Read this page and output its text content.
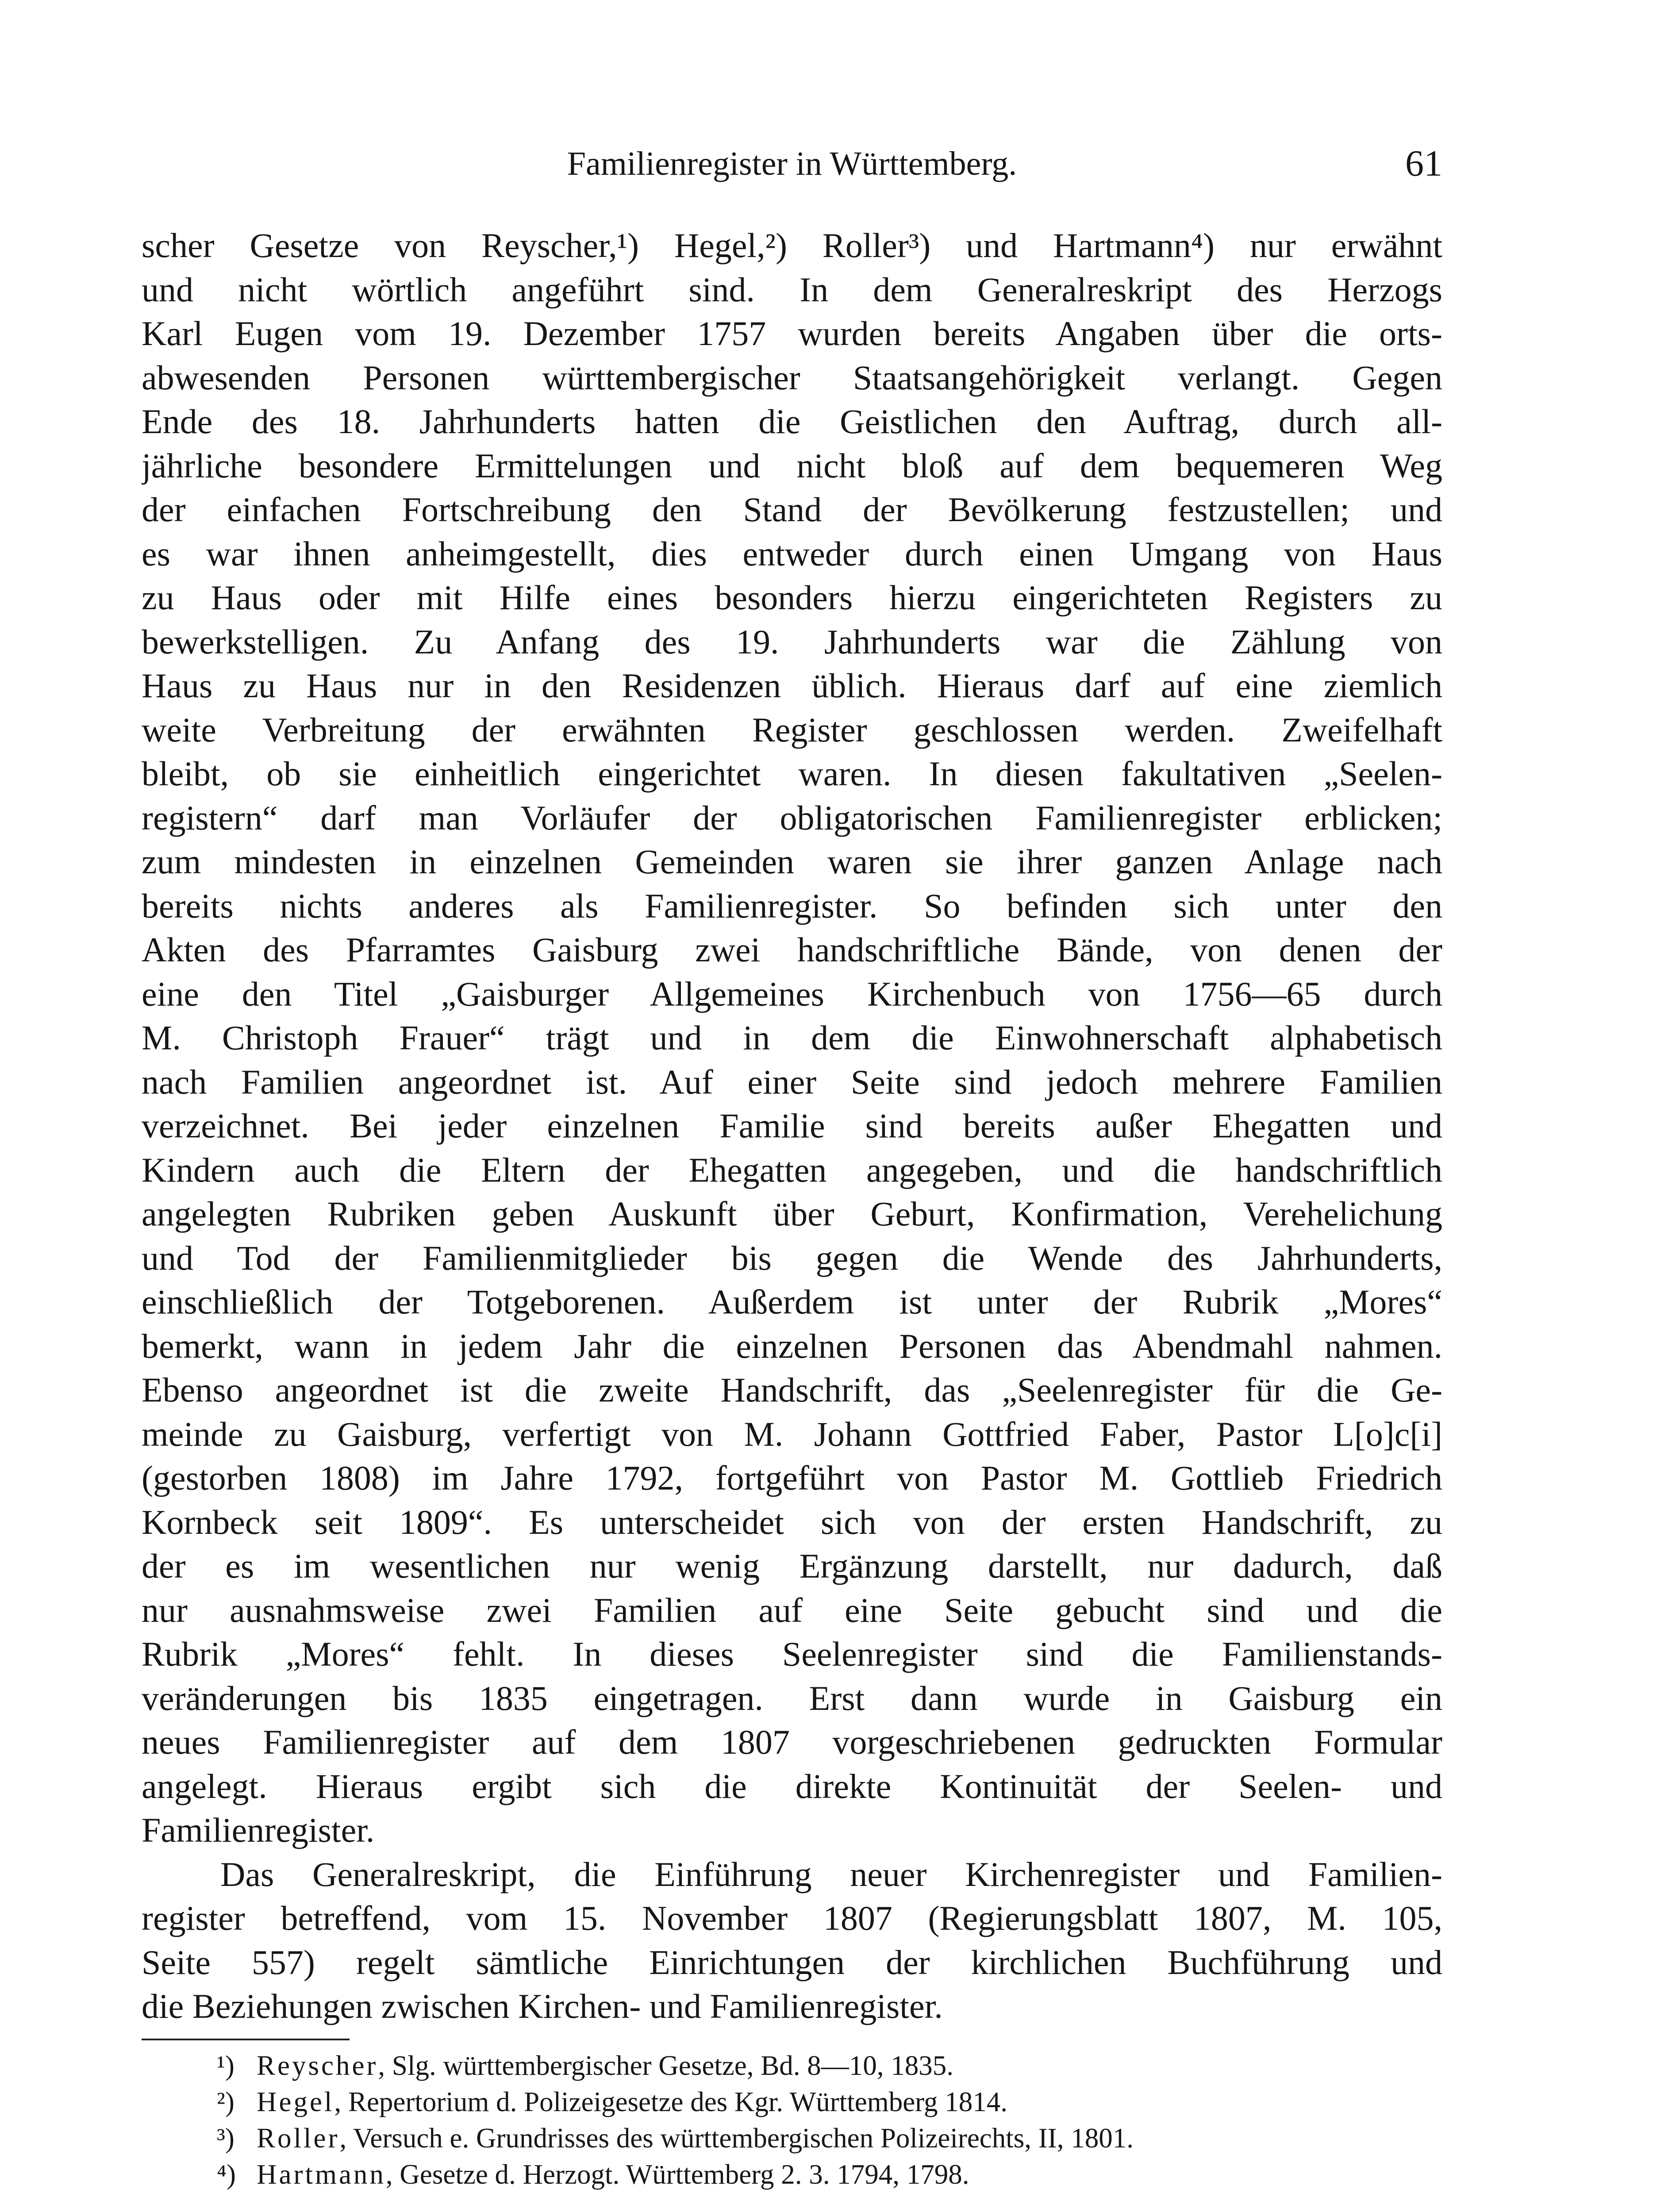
Familienregister in Württemberg.	61
scher Gesetze von Reyscher,¹) Hegel,²) Roller³) und Hartmann⁴) nur erwähnt
und nicht wörtlich angeführt sind. In dem Generalreskript des Herzogs
Karl Eugen vom 19. Dezember 1757 wurden bereits Angaben über die orts-
abwesenden Personen württembergischer Staatsangehörigkeit verlangt. Gegen
Ende des 18. Jahrhunderts hatten die Geistlichen den Auftrag, durch all-
jährliche besondere Ermittelungen und nicht bloß auf dem bequemeren Weg
der einfachen Fortschreibung den Stand der Bevölkerung festzustellen; und
es war ihnen anheimgestellt, dies entweder durch einen Umgang von Haus
zu Haus oder mit Hilfe eines besonders hierzu eingerichteten Registers zu
bewerkstelligen. Zu Anfang des 19. Jahrhunderts war die Zählung von
Haus zu Haus nur in den Residenzen üblich. Hieraus darf auf eine ziemlich
weite Verbreitung der erwähnten Register geschlossen werden. Zweifelhaft
bleibt, ob sie einheitlich eingerichtet waren. In diesen fakultativen „Seelen-
registern“ darf man Vorläufer der obligatorischen Familienregister erblicken;
zum mindesten in einzelnen Gemeinden waren sie ihrer ganzen Anlage nach
bereits nichts anderes als Familienregister. So befinden sich unter den
Akten des Pfarramtes Gaisburg zwei handschriftliche Bände, von denen der
eine den Titel „Gaisburger Allgemeines Kirchenbuch von 1756—65 durch
M. Christoph Frauer“ trägt und in dem die Einwohnerschaft alphabetisch
nach Familien angeordnet ist. Auf einer Seite sind jedoch mehrere Familien
verzeichnet. Bei jeder einzelnen Familie sind bereits außer Ehegatten und
Kindern auch die Eltern der Ehegatten angegeben, und die handschriftlich
angelegten Rubriken geben Auskunft über Geburt, Konfirmation, Verehelichung
und Tod der Familienmitglieder bis gegen die Wende des Jahrhunderts,
einschließlich der Totgeborenen. Außerdem ist unter der Rubrik „Mores“
bemerkt, wann in jedem Jahr die einzelnen Personen das Abendmahl nahmen.
Ebenso angeordnet ist die zweite Handschrift, das „Seelenregister für die Ge-
meinde zu Gaisburg, verfertigt von M. Johann Gottfried Faber, Pastor L[o]c[i]
(gestorben 1808) im Jahre 1792, fortgeführt von Pastor M. Gottlieb Friedrich
Kornbeck seit 1809“. Es unterscheidet sich von der ersten Handschrift, zu
der es im wesentlichen nur wenig Ergänzung darstellt, nur dadurch, daß
nur ausnahmsweise zwei Familien auf eine Seite gebucht sind und die
Rubrik „Mores“ fehlt. In dieses Seelenregister sind die Familienstands-
veränderungen bis 1835 eingetragen. Erst dann wurde in Gaisburg ein
neues Familienregister auf dem 1807 vorgeschriebenen gedruckten Formular
angelegt. Hieraus ergibt sich die direkte Kontinuität der Seelen- und
Familienregister.
Das Generalreskript, die Einführung neuer Kirchenregister und Familien-
register betreffend, vom 15. November 1807 (Regierungsblatt 1807, M. 105,
Seite 557) regelt sämtliche Einrichtungen der kirchlichen Buchführung und
die Beziehungen zwischen Kirchen- und Familienregister.
¹) Reyscher, Slg. württembergischer Gesetze, Bd. 8—10, 1835.
²) Hegel, Repertorium d. Polizeigesetze des Kgr. Württemberg 1814.
³) Roller, Versuch e. Grundrisses des württembergischen Polizeirechts, II, 1801.
⁴) Hartmann, Gesetze d. Herzogt. Württemberg 2. 3. 1794, 1798.
